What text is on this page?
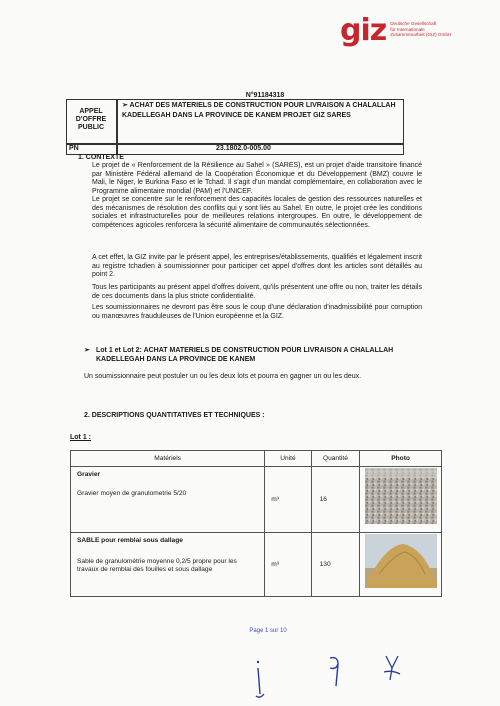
giz Deutsche Gesellschaft
für Internationale
Zusammenarbeit (GIZ) GmbH
N°91184318
APPEL
D'OFFRE
PUBLIC
➢ ACHAT DES MATERIELS DE CONSTRUCTION POUR LIVRAISON A CHALALLAH KADELLEGAH DANS LA PROVINCE DE KANEM PROJET GIZ SARES
PN	23.1802.0-005.00
1. CONTEXTE
Le projet de « Renforcement de la Résilience au Sahel » (SARES), est un projet d'aide transitoire financé par Ministère Fédéral allemand de la Coopération Économique et du Développement (BMZ) couvre le Mali, le Niger, le Burkina Faso et le Tchad. Il s'agit d'un mandat complémentaire, en collaboration avec le Programme alimentaire mondial (PAM) et l'UNICEF.
Le projet se concentre sur le renforcement des capacités locales de gestion des ressources naturelles et des mécanismes de résolution des conflits qui y sont liés au Sahel. En outre, le projet crée les conditions sociales et infrastructurelles pour de meilleures relations intergroupes. En outre, le développement de compétences agricoles renforcera la sécurité alimentaire de communautés sélectionnées.
A cet effet, la GIZ invite par le présent appel, les entreprises/établissements, qualifiés et légalement inscrit au registre tchadien à soumissionner pour participer cet appel d'offres dont les articles sont détaillés au point 2.
Tous les participants au présent appel d'offres doivent, qu'ils présentent une offre ou non, traiter les détails de ces documents dans la plus stricte confidentialité.
Les soumissionnaires ne devront pas être sous le coup d'une déclaration d'inadmissibilité pour corruption ou manœuvres frauduleuses de l'Union européenne et la GIZ.
➢ Lot 1 et Lot 2: ACHAT MATERIELS DE CONSTRUCTION POUR LIVRAISON A CHALALLAH KADELLEGAH DANS LA PROVINCE DE KANEM
Un soumissionnaire peut postuler un ou les deux lots et pourra en gagner un ou les deux.
2. DESCRIPTIONS QUANTITATIVES ET TECHNIQUES :
Lot 1 :
Matériels	Unité	Quantité	Photo

Gravier
Gravier moyen de granulometrie 5/20	m³	16	

SABLE pour remblai sous dallage
Sable de granulométrie moyenne 0,2/5 propre pour les travaux de remblai des fouilles et sous dallage	m³	130	
Page 1 sur 10
